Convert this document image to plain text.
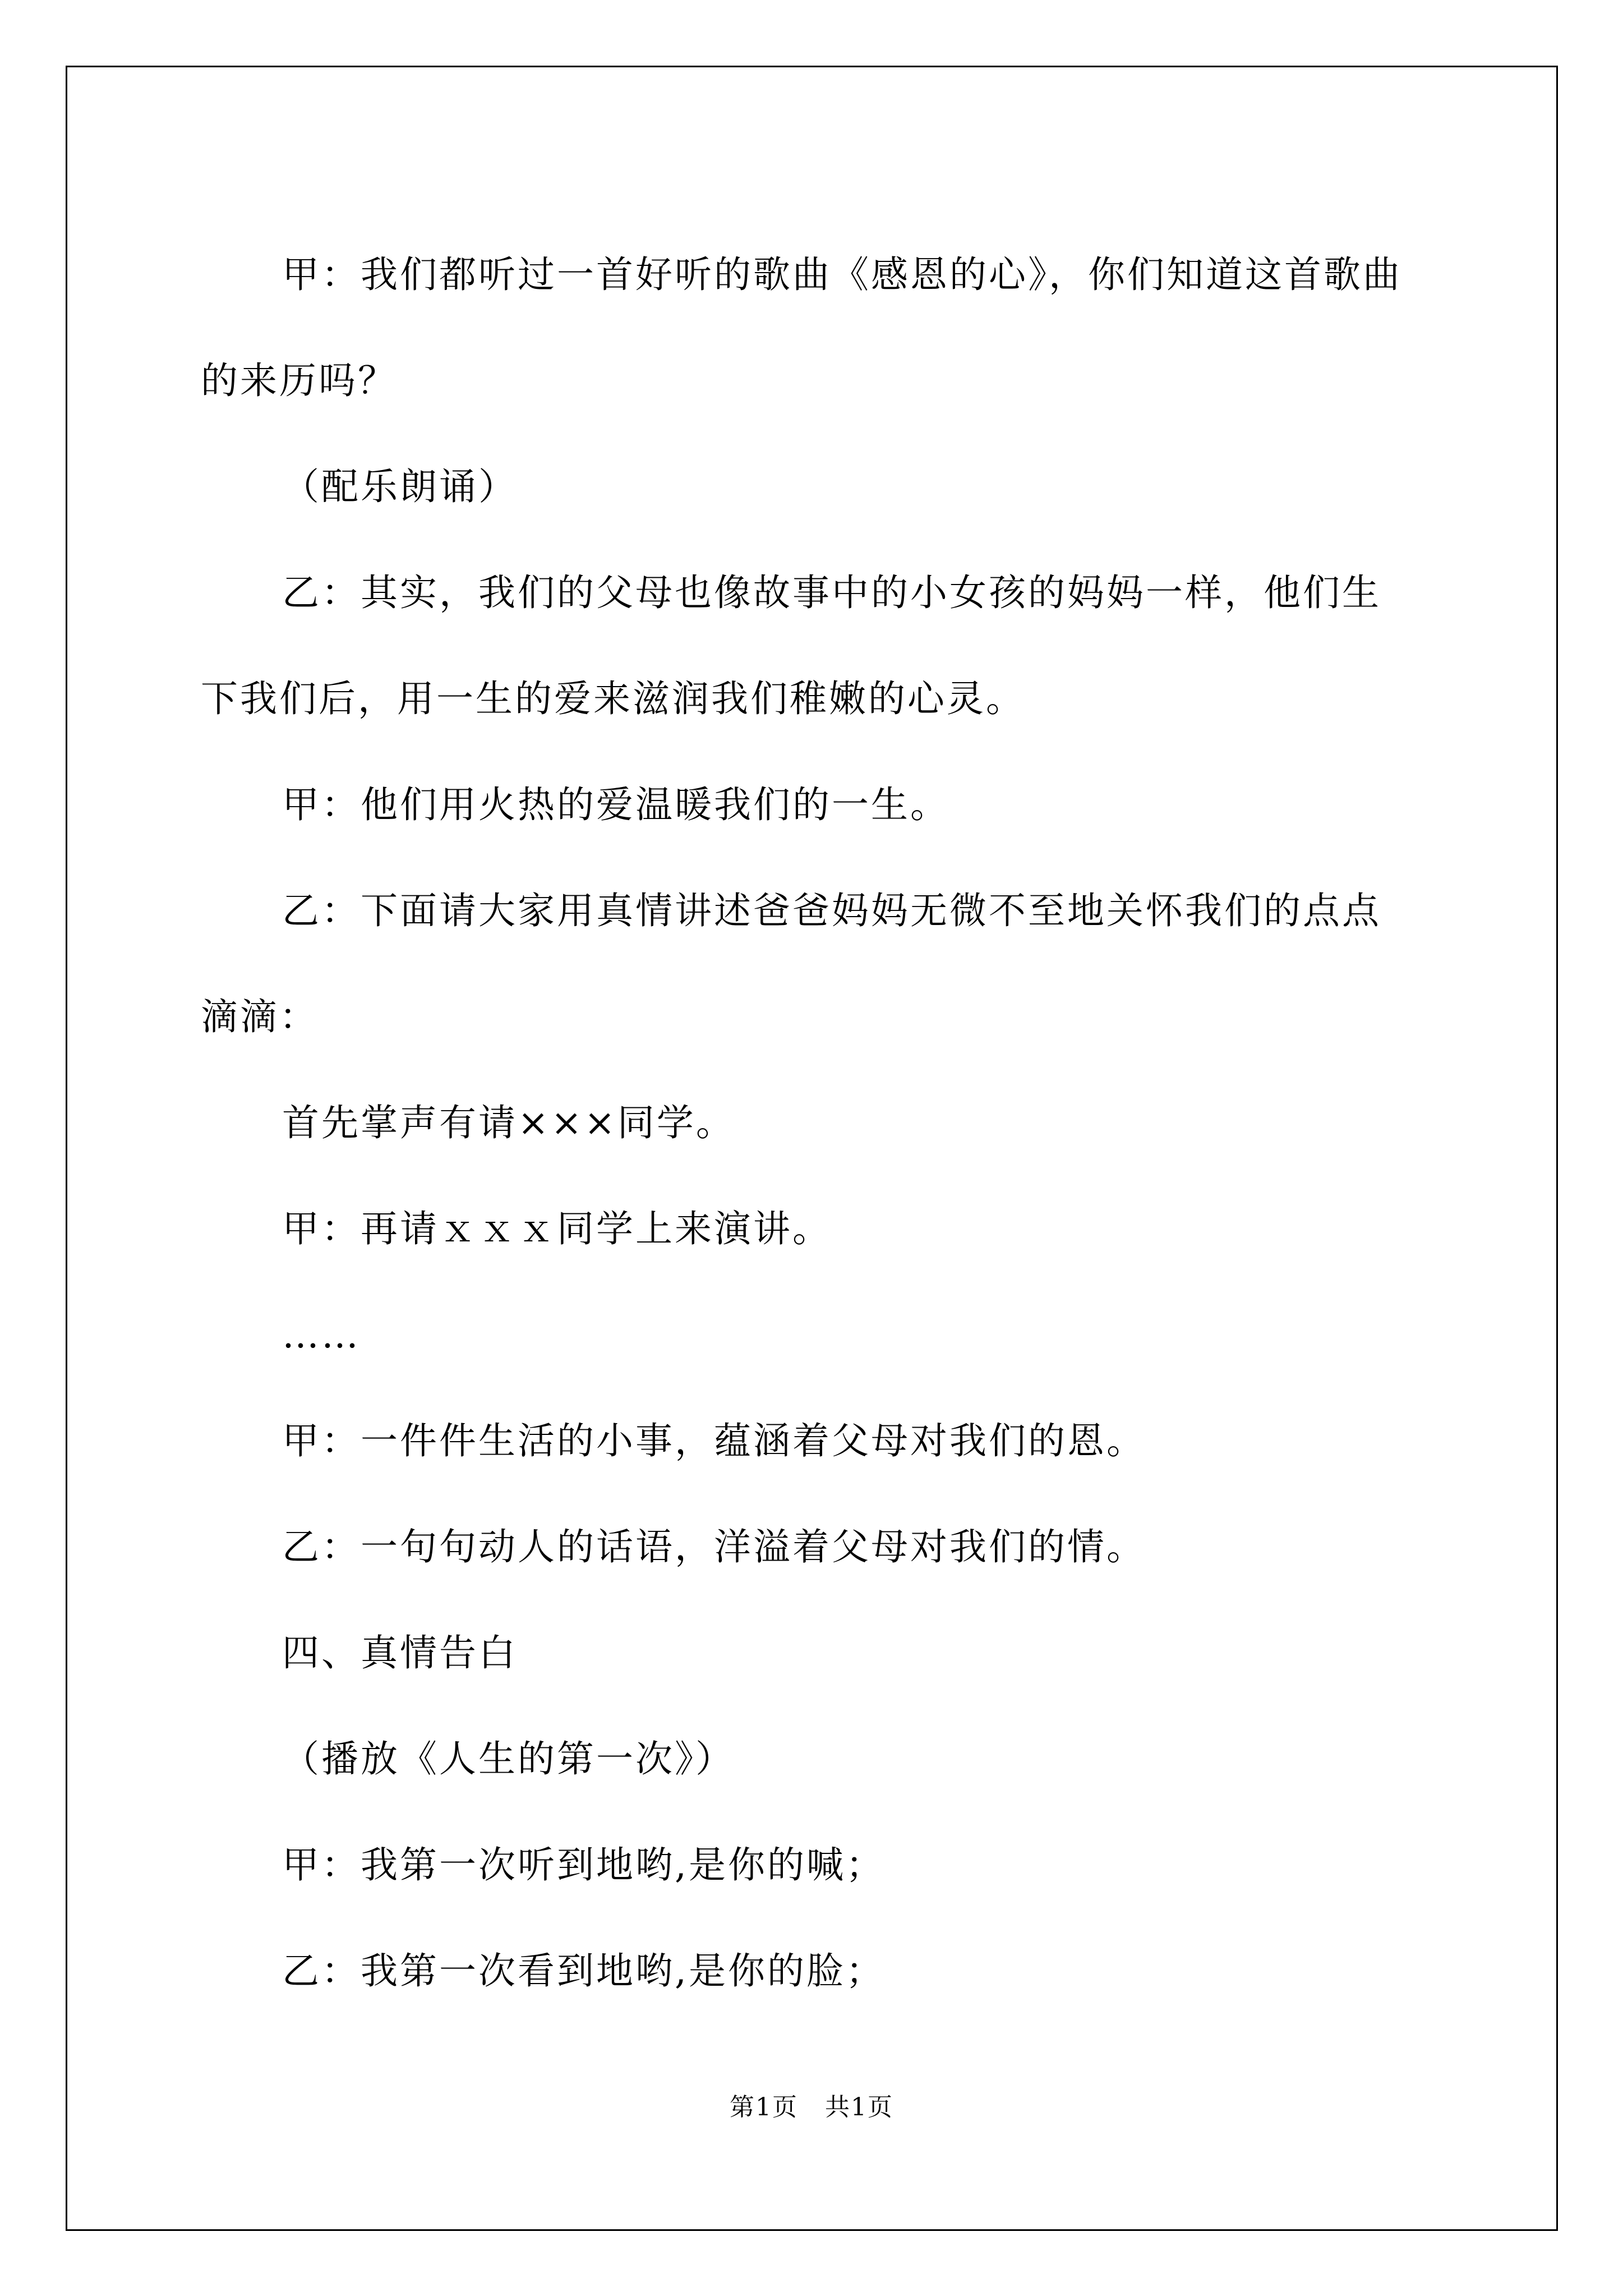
甲：我们都听过一首好听的歌曲《感恩的心》，你们知道这首歌曲

的来历吗？

（配乐朗诵）

乙：其实，我们的父母也像故事中的小女孩的妈妈一样，他们生

下我们后，用一生的爱来滋润我们稚嫩的心灵。

甲：他们用火热的爱温暖我们的一生。

乙：下面请大家用真情讲述爸爸妈妈无微不至地关怀我们的点点

滴滴：

首先掌声有请×××同学。

甲：再请ｘｘｘ同学上来演讲。

……

甲：一件件生活的小事，蕴涵着父母对我们的恩。

乙：一句句动人的话语，洋溢着父母对我们的情。

四、真情告白

（播放《人生的第一次》）

甲：我第一次听到地哟,是你的喊；

乙：我第一次看到地哟,是你的脸；

第1页 共1页
